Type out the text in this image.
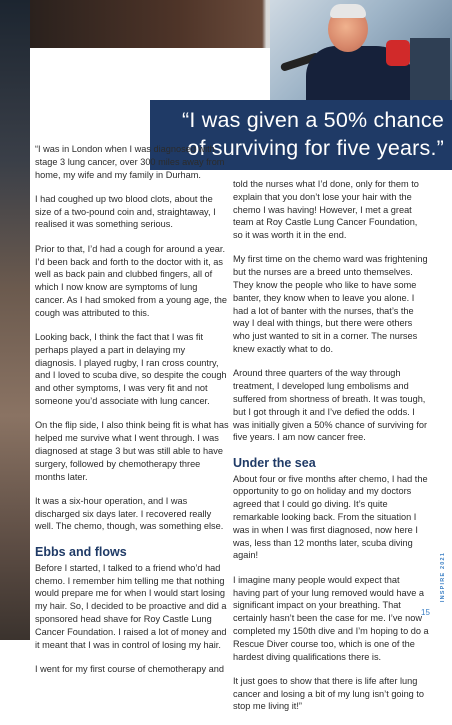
“I was given a 50% chance
of surviving for five years.”

“I was in London when I was diagnosed with stage 3 lung cancer, over 300 miles away from home, my wife and my family in Durham.

I had coughed up two blood clots, about the size of a two-pound coin and, straightaway, I realised it was something serious.

Prior to that, I’d had a cough for around a year. I’d been back and forth to the doctor with it, as well as back pain and clubbed fingers, all of which I now know are symptoms of lung cancer. As I had smoked from a young age, the cough was attributed to this.

Looking back, I think the fact that I was fit perhaps played a part in delaying my diagnosis. I played rugby, I ran cross country, and I loved to scuba dive, so despite the cough and other symptoms, I was very fit and not someone you’d associate with lung cancer.

On the flip side, I also think being fit is what has helped me survive what I went through. I was diagnosed at stage 3 but was still able to have surgery, followed by chemotherapy three months later.

It was a six-hour operation, and I was discharged six days later. I recovered really well. The chemo, though, was something else.

Ebbs and flows

Before I started, I talked to a friend who’d had chemo. I remember him telling me that nothing would prepare me for when I would start losing my hair. So, I decided to be proactive and did a sponsored head shave for Roy Castle Lung Cancer Foundation. I raised a lot of money and it meant that I was in control of losing my hair.

I went for my first course of chemotherapy and

told the nurses what I’d done, only for them to explain that you don’t lose your hair with the chemo I was having! However, I met a great team at Roy Castle Lung Cancer Foundation, so it was worth it in the end.

My first time on the chemo ward was frightening but the nurses are a breed unto themselves. They know the people who like to have some banter, they know when to leave you alone. I had a lot of banter with the nurses, that’s the way I deal with things, but there were others who just wanted to sit in a corner. The nurses knew exactly what to do.

Around three quarters of the way through treatment, I developed lung embolisms and suffered from shortness of breath. It was tough, but I got through it and I’ve defied the odds. I was initially given a 50% chance of surviving for five years. I am now cancer free.

Under the sea

About four or five months after chemo, I had the opportunity to go on holiday and my doctors agreed that I could go diving. It’s quite remarkable looking back. From the situation I was in when I was first diagnosed, now here I was, less than 12 months later, scuba diving again!

I imagine many people would expect that having part of your lung removed would have a significant impact on your breathing. That certainly hasn’t been the case for me. I’ve now completed my 150th dive and I’m hoping to do a Rescue Diver course too, which is one of the hardest diving qualifications there is.

It just goes to show that there is life after lung cancer and losing a bit of my lung isn’t going to stop me living it!”

INSPIRE 2021
15
